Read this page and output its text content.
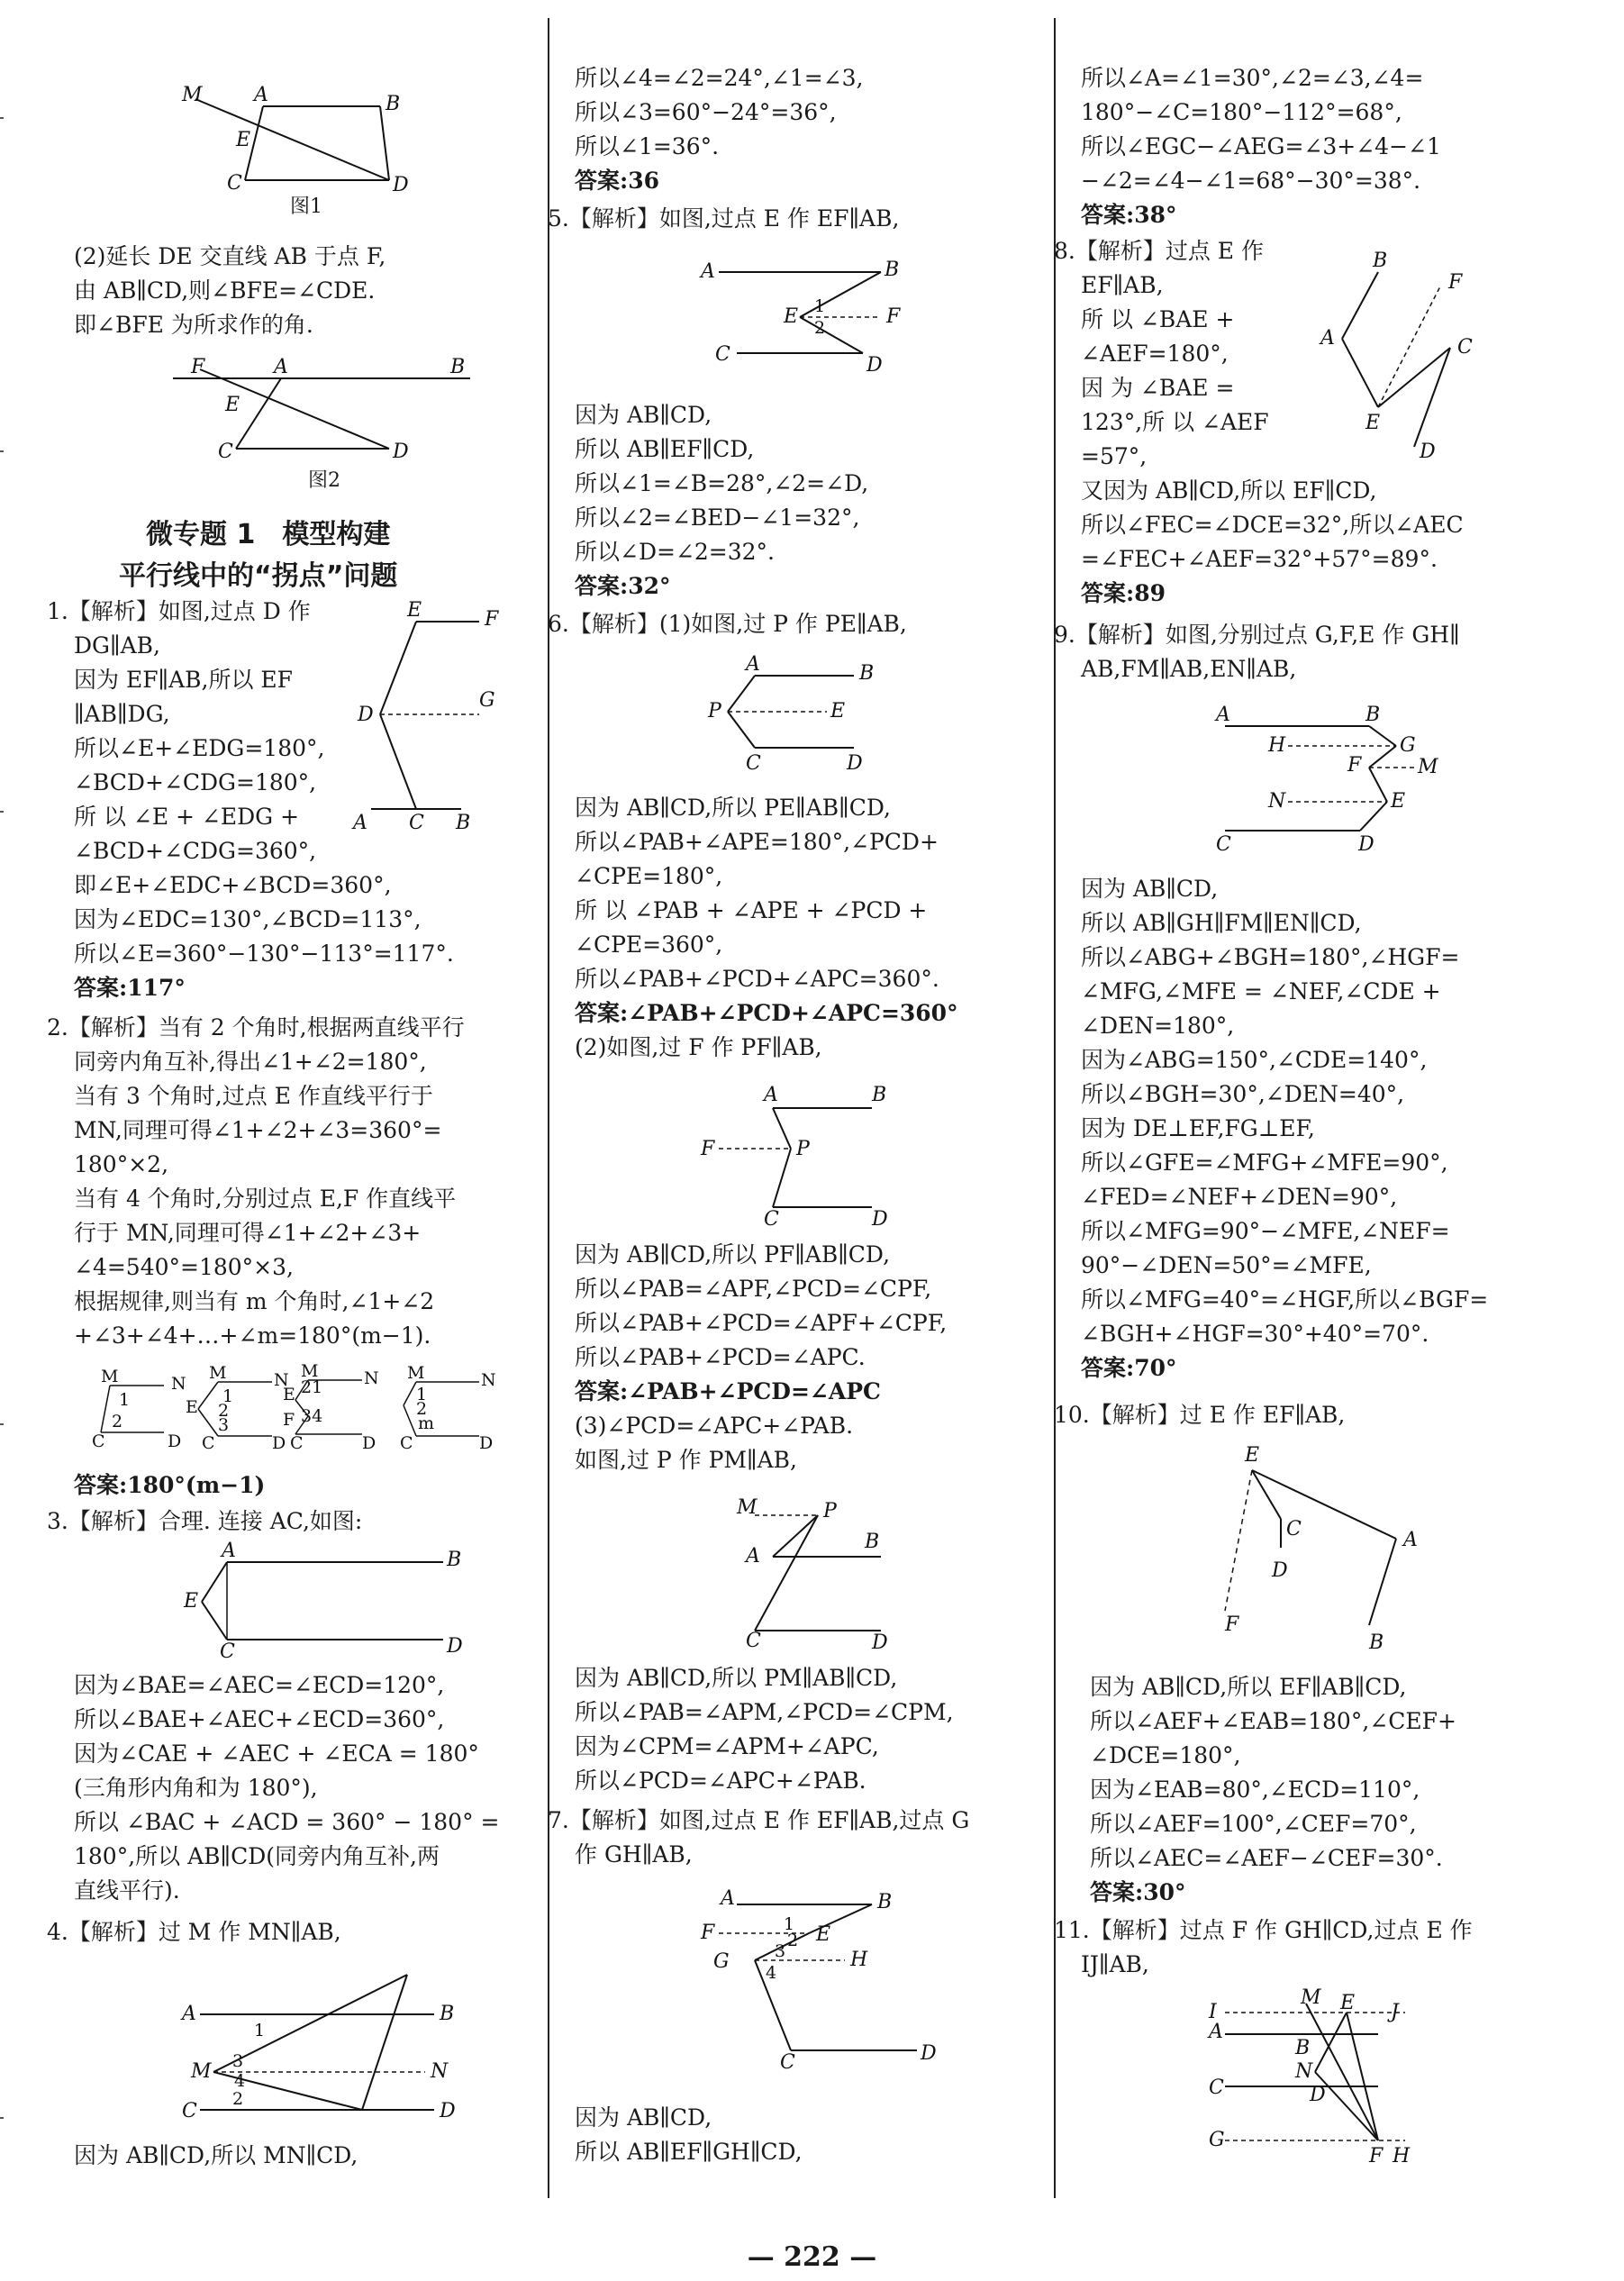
M	A	B
E
C	D
图1
(2)延长 DE 交直线 AB 于点 F,
由 AB∥CD,则∠BFE=∠CDE.
即∠BFE 为所求作的角.
F	A	B
E
C	D
图2
微专题 1　模型构建
平行线中的“拐点”问题
1.【解析】如图,过点 D 作
DG∥AB,
因为 EF∥AB,所以 EF
∥AB∥DG,
所以∠E+∠EDG=180°,
∠BCD+∠CDG=180°,
所 以 ∠E + ∠EDG +
∠BCD+∠CDG=360°,
即∠E+∠EDC+∠BCD=360°,
因为∠EDC=130°,∠BCD=113°,
所以∠E=360°−130°−113°=117°.
答案:117°
E	F
D
G
A C B
2.【解析】当有 2 个角时,根据两直线平行
同旁内角互补,得出∠1+∠2=180°,
当有 3 个角时,过点 E 作直线平行于
MN,同理可得∠1+∠2+∠3=360°=
180°×2,
当有 4 个角时,分别过点 E,F 作直线平
行于 MN,同理可得∠1+∠2+∠3+
∠4=540°=180°×3,
根据规律,则当有 m 个角时,∠1+∠2
+∠3+∠4+…+∠m=180°(m−1).
M	N
1
2
C	D
M	N
E
1
2
3
C	D
M	N
E
F
21
34
C	D
M	N
1
2
m
C	D
答案:180°(m−1)
3.【解析】合理. 连接 AC,如图:
A	B
E
C	D
因为∠BAE=∠AEC=∠ECD=120°,
所以∠BAE+∠AEC+∠ECD=360°,
因为∠CAE + ∠AEC + ∠ECA = 180°
(三角形内角和为 180°),
所以 ∠BAC + ∠ACD = 360° − 180° =
180°,所以 AB∥CD(同旁内角互补,两
直线平行).
4.【解析】过 M 作 MN∥AB,
A	B
M	N
C	D
1
3
4
2
因为 AB∥CD,所以 MN∥CD,
所以∠4=∠2=24°,∠1=∠3,
所以∠3=60°−24°=36°,
所以∠1=36°.
答案:36
5.【解析】如图,过点 E 作 EF∥AB,
A	B
E	F
1
2
C	D
因为 AB∥CD,
所以 AB∥EF∥CD,
所以∠1=∠B=28°,∠2=∠D,
所以∠2=∠BED−∠1=32°,
所以∠D=∠2=32°.
答案:32°
6.【解析】(1)如图,过 P 作 PE∥AB,
A	B
P	E
C	D
因为 AB∥CD,所以 PE∥AB∥CD,
所以∠PAB+∠APE=180°,∠PCD+
∠CPE=180°,
所 以 ∠PAB + ∠APE + ∠PCD +
∠CPE=360°,
所以∠PAB+∠PCD+∠APC=360°.
答案:∠PAB+∠PCD+∠APC=360°
(2)如图,过 F 作 PF∥AB,
A	B
F	P
C	D
因为 AB∥CD,所以 PF∥AB∥CD,
所以∠PAB=∠APF,∠PCD=∠CPF,
所以∠PAB+∠PCD=∠APF+∠CPF,
所以∠PAB+∠PCD=∠APC.
答案:∠PAB+∠PCD=∠APC
(3)∠PCD=∠APC+∠PAB.
如图,过 P 作 PM∥AB,
M	P
A
B
C	D
因为 AB∥CD,所以 PM∥AB∥CD,
所以∠PAB=∠APM,∠PCD=∠CPM,
因为∠CPM=∠APM+∠APC,
所以∠PCD=∠APC+∠PAB.
7.【解析】如图,过点 E 作 EF∥AB,过点 G
作 GH∥AB,
A	B
F	E
G	H
1
2
3
4
C	D
因为 AB∥CD,
所以 AB∥EF∥GH∥CD,
所以∠A=∠1=30°,∠2=∠3,∠4=
180°−∠C=180°−112°=68°,
所以∠EGC−∠AEG=∠3+∠4−∠1
−∠2=∠4−∠1=68°−30°=38°.
答案:38°
8.【解析】过点 E 作
EF∥AB,
所 以 ∠BAE +
∠AEF=180°,
因 为 ∠BAE =
123°,所 以 ∠AEF
=57°,
又因为 AB∥CD,所以 EF∥CD,
所以∠FEC=∠DCE=32°,所以∠AEC
=∠FEC+∠AEF=32°+57°=89°.
答案:89
B
F
A	C
E
D
9.【解析】如图,分别过点 G,F,E 作 GH∥
AB,FM∥AB,EN∥AB,
A	B
H	G
F	M
N	E
C	D
因为 AB∥CD,
所以 AB∥GH∥FM∥EN∥CD,
所以∠ABG+∠BGH=180°,∠HGF=
∠MFG,∠MFE = ∠NEF,∠CDE +
∠DEN=180°,
因为∠ABG=150°,∠CDE=140°,
所以∠BGH=30°,∠DEN=40°,
因为 DE⊥EF,FG⊥EF,
所以∠GFE=∠MFG+∠MFE=90°,
∠FED=∠NEF+∠DEN=90°,
所以∠MFG=90°−∠MFE,∠NEF=
90°−∠DEN=50°=∠MFE,
所以∠MFG=40°=∠HGF,所以∠BGF=
∠BGH+∠HGF=30°+40°=70°.
答案:70°
10.【解析】过 E 作 EF∥AB,
E
C
D
A
F
B
因为 AB∥CD,所以 EF∥AB∥CD,
所以∠AEF+∠EAB=180°,∠CEF+
∠DCE=180°,
因为∠EAB=80°,∠ECD=110°,
所以∠AEF=100°,∠CEF=70°,
所以∠AEC=∠AEF−∠CEF=30°.
答案:30°
11.【解析】过点 F 作 GH∥CD,过点 E 作
IJ∥AB,
I
M E J
A
B
N
C	D
G
F H
— 222 —
